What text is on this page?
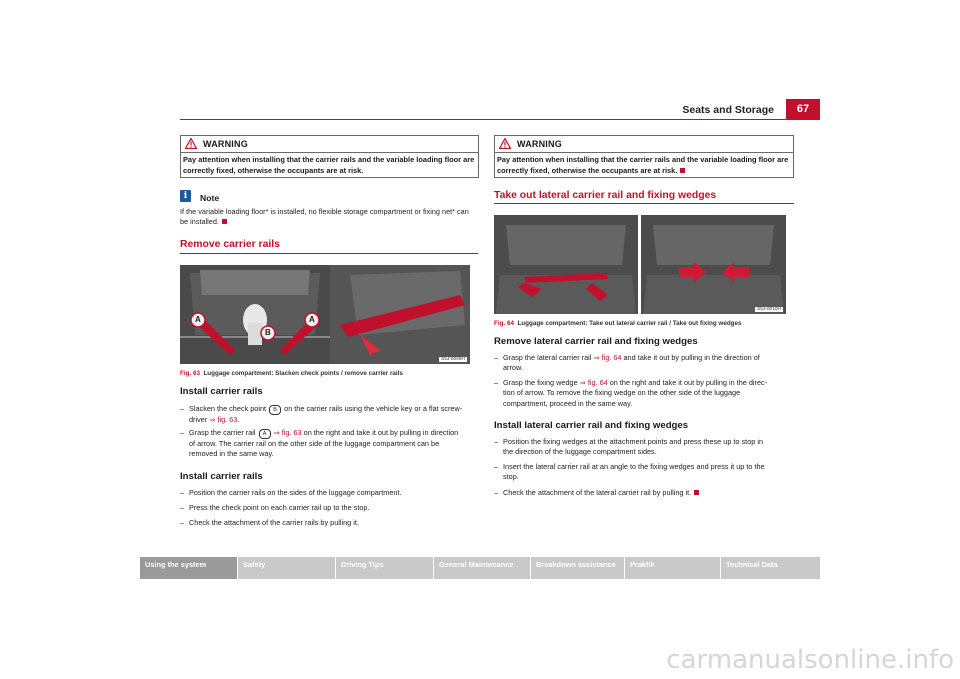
Seats and Storage	67
WARNING
Pay attention when installing that the carrier rails and the variable loading floor are correctly fixed, otherwise the occupants are at risk.
i	Note
If the variable loading floor* is installed, no flexible storage compartment or fixing net* can be installed.
Remove carrier rails
A
B
A
S5J-0009H
Fig. 63 Luggage compartment: Slacken check points / remove carrier rails
Install carrier rails
– Slacken the check point B on the carrier rails using the vehicle key or a flat screw-
driver ⇒ fig. 63.
– Grasp the carrier rail A ⇒ fig. 63 on the right and take it out by pulling in direction
of arrow. The carrier rail on the other side of the luggage compartment can be
removed in the same way.
Install carrier rails
– Position the carrier rails on the sides of the luggage compartment.
– Press the check point on each carrier rail up to the stop.
– Check the attachment of the carrier rails by pulling it.
WARNING
Pay attention when installing that the carrier rails and the variable loading floor are correctly fixed, otherwise the occupants are at risk.
Take out lateral carrier rail and fixing wedges
S5J-0010H
Fig. 64 Luggage compartment: Take out lateral carrier rail / Take out fixing wedges
Remove lateral carrier rail and fixing wedges
– Grasp the lateral carrier rail ⇒ fig. 64 and take it out by pulling in the direction of
arrow.
– Grasp the fixing wedge ⇒ fig. 64 on the right and take it out by pulling in the direc-
tion of arrow. To remove the fixing wedge on the other side of the luggage
compartment, proceed in the same way.
Install lateral carrier rail and fixing wedges
– Position the fixing wedges at the attachment points and press these up to stop in
the direction of the luggage compartment sides.
– Insert the lateral carrier rail at an angle to the fixing wedges and press it up to the
stop.
– Check the attachment of the lateral carrier rail by pulling it.
Using the system	Safety	Driving Tips	General Maintenance	Breakdown assistance	Praktik	Technical Data
carmanualsonline.info
